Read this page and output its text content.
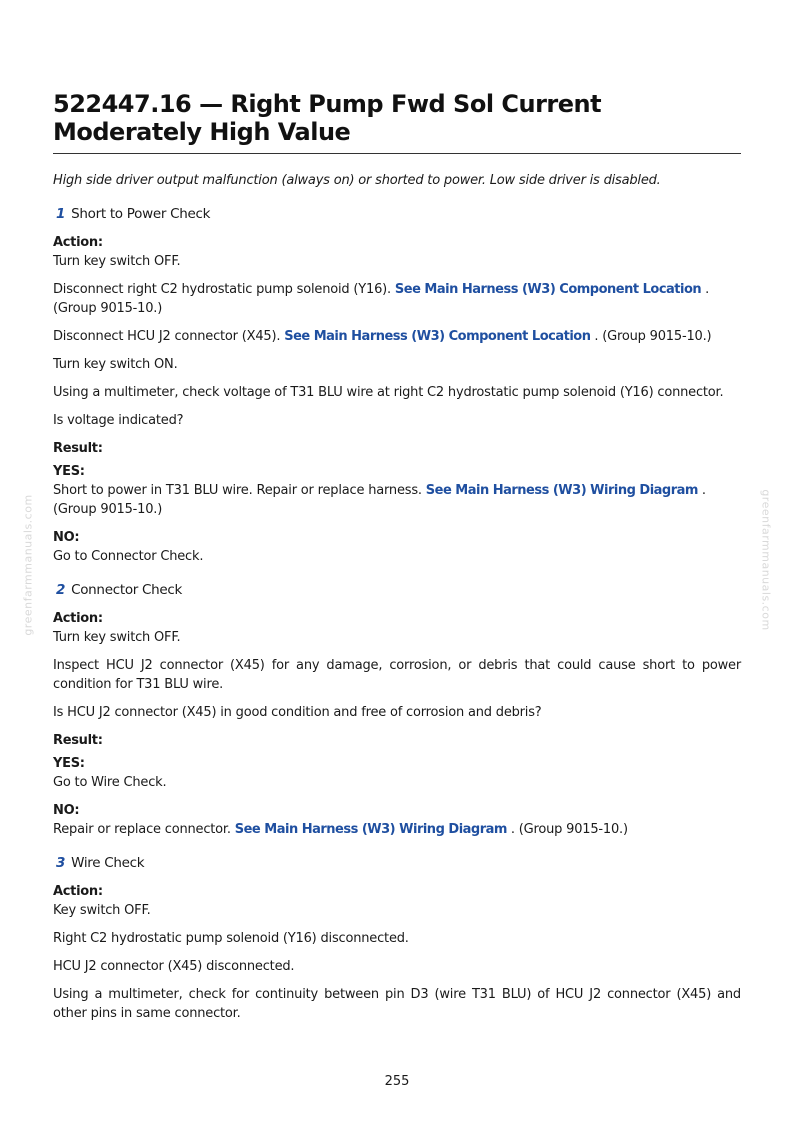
greenfarmmanuals.com	greenfarmmanuals.com
522447.16 — Right Pump Fwd Sol Current Moderately High Value

High side driver output malfunction (always on) or shorted to power. Low side driver is disabled.

1 Short to Power Check
Action:

Turn key switch OFF.

Disconnect right C2 hydrostatic pump solenoid (Y16). See Main Harness (W3) Component Location . (Group 9015-10.)

Disconnect HCU J2 connector (X45). See Main Harness (W3) Component Location . (Group 9015-10.)

Turn key switch ON.

Using a multimeter, check voltage of T31 BLU wire at right C2 hydrostatic pump solenoid (Y16) connector.

Is voltage indicated?

Result:
YES:

Short to power in T31 BLU wire. Repair or replace harness. See Main Harness (W3) Wiring Diagram . (Group 9015-10.)

NO:

Go to Connector Check.

2 Connector Check
Action:

Turn key switch OFF.

Inspect HCU J2 connector (X45) for any damage, corrosion, or debris that could cause short to power condition for T31 BLU wire.

Is HCU J2 connector (X45) in good condition and free of corrosion and debris?

Result:
YES:

Go to Wire Check.

NO:

Repair or replace connector. See Main Harness (W3) Wiring Diagram . (Group 9015-10.)

3 Wire Check
Action:

Key switch OFF.

Right C2 hydrostatic pump solenoid (Y16) disconnected.

HCU J2 connector (X45) disconnected.

Using a multimeter, check for continuity between pin D3 (wire T31 BLU) of HCU J2 connector (X45) and other pins in same connector.

255
